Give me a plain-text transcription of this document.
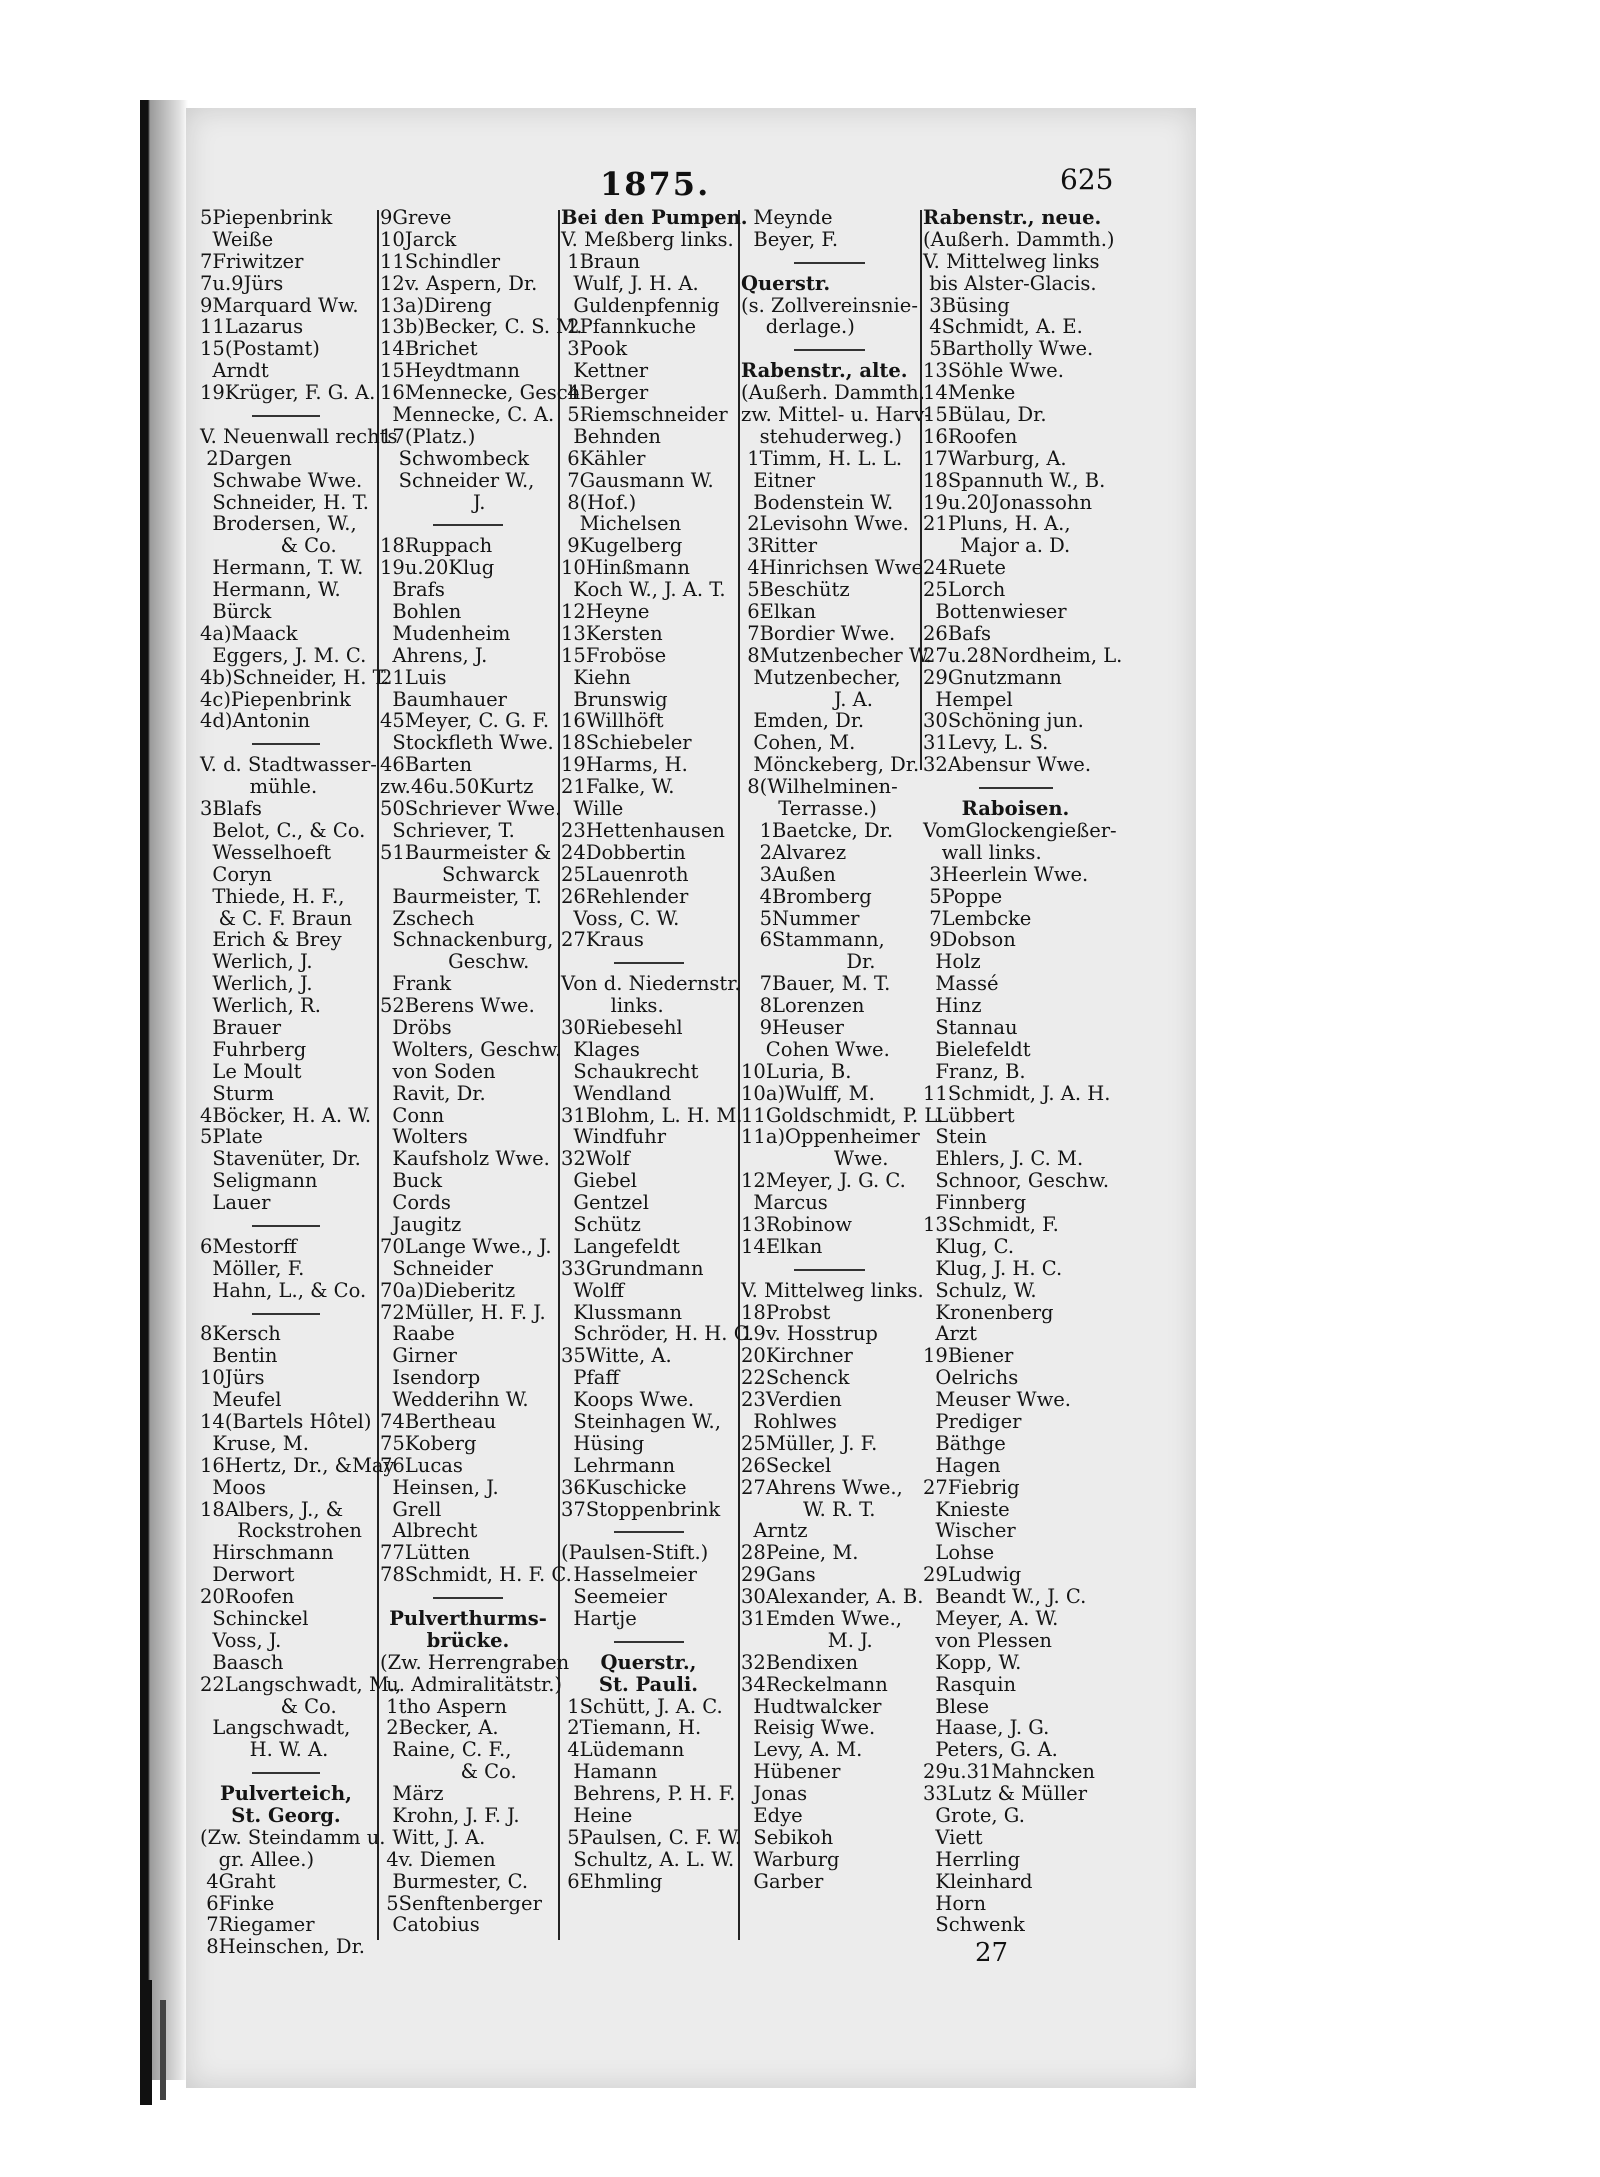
1875.	625
5Piepenbrink
Weiße
7Friwitzer
7u.9Jürs
9Marquard Ww.
11Lazarus
15(Postamt)
Arndt
19Krüger, F. G. A.
V. Neuenwall rechts
2Dargen
Schwabe Wwe.
Schneider, H. T.
Brodersen, W.,
& Co.
Hermann, T. W.
Hermann, W.
Bürck
4a)Maack
Eggers, J. M. C.
4b)Schneider, H. T.
4c)Piepenbrink
4d)Antonin
V. d. Stadtwasser-
mühle.
3Blafs
Belot, C., & Co.
Wesselhoeft
Coryn
Thiede, H. F.,
& C. F. Braun
Erich & Brey
Werlich, J.
Werlich, J.
Werlich, R.
Brauer
Fuhrberg
Le Moult
Sturm
4Böcker, H. A. W.
5Plate
Stavenüter, Dr.
Seligmann
Lauer
6Mestorff
Möller, F.
Hahn, L., & Co.
8Kersch
Bentin
10Jürs
Meufel
14(Bartels Hôtel)
Kruse, M.
16Hertz, Dr., &May
Moos
18Albers, J., &
Rockstrohen
Hirschmann
Derwort
20Roofen
Schinckel
Voss, J.
Baasch
22Langschwadt, M.,
& Co.
Langschwadt,
H. W. A.
Pulverteich,
St. Georg.
(Zw. Steindamm u.
gr. Allee.)
4Graht
6Finke
7Riegamer
8Heinschen, Dr.
9Greve
10Jarck
11Schindler
12v. Aspern, Dr.
13a)Direng
13b)Becker, C. S. M.
14Brichet
15Heydtmann
16Mennecke, Gesch.
Mennecke, C. A.
17(Platz.)
Schwombeck
Schneider W.,
J.
18Ruppach
19u.20Klug
Brafs
Bohlen
Mudenheim
Ahrens, J.
21Luis
Baumhauer
45Meyer, C. G. F.
Stockfleth Wwe.
46Barten
zw.46u.50Kurtz
50Schriever Wwe.
Schriever, T.
51Baurmeister &
Schwarck
Baurmeister, T.
Zschech
Schnackenburg,
Geschw.
Frank
52Berens Wwe.
Dröbs
Wolters, Geschw.
von Soden
Ravit, Dr.
Conn
Wolters
Kaufsholz Wwe.
Buck
Cords
Jaugitz
70Lange Wwe., J.
Schneider
70a)Dieberitz
72Müller, H. F. J.
Raabe
Girner
Isendorp
Wedderihn W.
74Bertheau
75Koberg
76Lucas
Heinsen, J.
Grell
Albrecht
77Lütten
78Schmidt, H. F. C.
Pulverthurms-
brücke.
(Zw. Herrengraben
u. Admiralitätstr.)
1tho Aspern
2Becker, A.
Raine, C. F.,
& Co.
März
Krohn, J. F. J.
Witt, J. A.
4v. Diemen
Burmester, C.
5Senftenberger
Catobius
Bei den Pumpen.
V. Meßberg links.
1Braun
Wulf, J. H. A.
Guldenpfennig
2Pfannkuche
3Pook
Kettner
4Berger
5Riemschneider
Behnden
6Kähler
7Gausmann W.
8(Hof.)
Michelsen
9Kugelberg
10Hinßmann
Koch W., J. A. T.
12Heyne
13Kersten
15Froböse
Kiehn
Brunswig
16Willhöft
18Schiebeler
19Harms, H.
21Falke, W.
Wille
23Hettenhausen
24Dobbertin
25Lauenroth
26Rehlender
Voss, C. W.
27Kraus
Von d. Niedernstr.
links.
30Riebesehl
Klages
Schaukrecht
Wendland
31Blohm, L. H. M.
Windfuhr
32Wolf
Giebel
Gentzel
Schütz
Langefeldt
33Grundmann
Wolff
Klussmann
Schröder, H. H. C.
35Witte, A.
Pfaff
Koops Wwe.
Steinhagen W.,
Hüsing
Lehrmann
36Kuschicke
37Stoppenbrink
(Paulsen-Stift.)
Hasselmeier
Seemeier
Hartje
Querstr.,
St. Pauli.
1Schütt, J. A. C.
2Tiemann, H.
4Lüdemann
Hamann
Behrens, P. H. F.
Heine
5Paulsen, C. F. W.
Schultz, A. L. W.
6Ehmling
Meynde
Beyer, F.
Querstr.
(s. Zollvereinsnie-
derlage.)
Rabenstr., alte.
(Außerh. Dammth.
zw. Mittel- u. Harv-
stehuderweg.)
1Timm, H. L. L.
Eitner
Bodenstein W.
2Levisohn Wwe.
3Ritter
4Hinrichsen Wwe.
5Beschütz
6Elkan
7Bordier Wwe.
8Mutzenbecher W.
Mutzenbecher,
J. A.
Emden, Dr.
Cohen, M.
Mönckeberg, Dr.
8(Wilhelminen-
Terrasse.)
1Baetcke, Dr.
2Alvarez
3Außen
4Bromberg
5Nummer
6Stammann,
Dr.
7Bauer, M. T.
8Lorenzen
9Heuser
Cohen Wwe.
10Luria, B.
10a)Wulff, M.
11Goldschmidt, P. L.
11a)Oppenheimer
Wwe.
12Meyer, J. G. C.
Marcus
13Robinow
14Elkan
V. Mittelweg links.
18Probst
19v. Hosstrup
20Kirchner
22Schenck
23Verdien
Rohlwes
25Müller, J. F.
26Seckel
27Ahrens Wwe.,
W. R. T.
Arntz
28Peine, M.
29Gans
30Alexander, A. B.
31Emden Wwe.,
M. J.
32Bendixen
34Reckelmann
Hudtwalcker
Reisig Wwe.
Levy, A. M.
Hübener
Jonas
Edye
Sebikoh
Warburg
Garber
Rabenstr., neue.
(Außerh. Dammth.)
V. Mittelweg links
bis Alster-Glacis.
3Büsing
4Schmidt, A. E.
5Bartholly Wwe.
13Söhle Wwe.
14Menke
15Bülau, Dr.
16Roofen
17Warburg, A.
18Spannuth W., B.
19u.20Jonassohn
21Pluns, H. A.,
Major a. D.
24Ruete
25Lorch
Bottenwieser
26Bafs
27u.28Nordheim, L.
29Gnutzmann
Hempel
30Schöning jun.
31Levy, L. S.
32Abensur Wwe.
Raboisen.
VomGlockengießer-
wall links.
3Heerlein Wwe.
5Poppe
7Lembcke
9Dobson
Holz
Massé
Hinz
Stannau
Bielefeldt
Franz, B.
11Schmidt, J. A. H.
Lübbert
Stein
Ehlers, J. C. M.
Schnoor, Geschw.
Finnberg
13Schmidt, F.
Klug, C.
Klug, J. H. C.
Schulz, W.
Kronenberg
Arzt
19Biener
Oelrichs
Meuser Wwe.
Prediger
Bäthge
Hagen
27Fiebrig
Knieste
Wischer
Lohse
29Ludwig
Beandt W., J. C.
Meyer, A. W.
von Plessen
Kopp, W.
Rasquin
Blese
Haase, J. G.
Peters, G. A.
29u.31Mahncken
33Lutz & Müller
Grote, G.
Viett
Herrling
Kleinhard
Horn
Schwenk
27
